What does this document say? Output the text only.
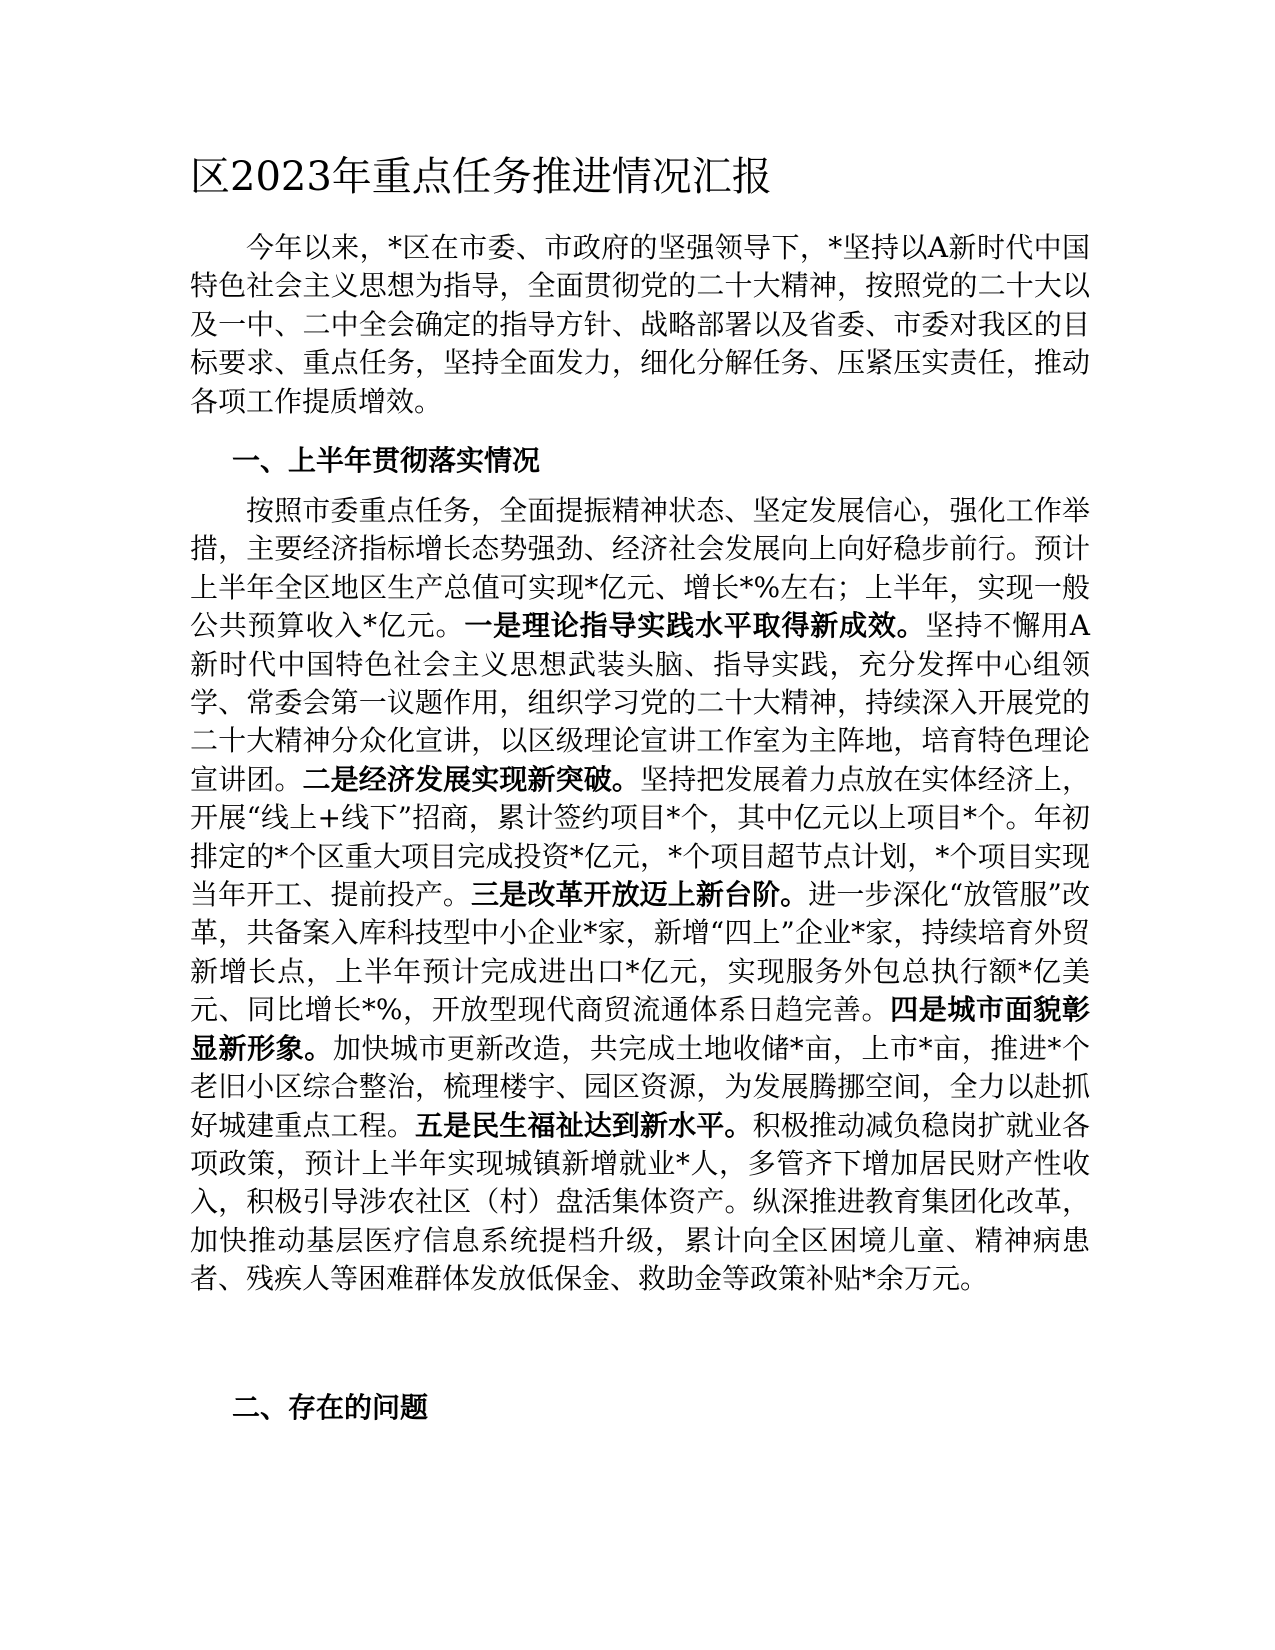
区2023年重点任务推进情况汇报

今年以来，*区在市委、市政府的坚强领导下，*坚持以A新时代中国特色社会主义思想为指导，全面贯彻党的二十大精神，按照党的二十大以及一中、二中全会确定的指导方针、战略部署以及省委、市委对我区的目标要求、重点任务，坚持全面发力，细化分解任务、压紧压实责任，推动各项工作提质增效。

一、上半年贯彻落实情况

按照市委重点任务，全面提振精神状态、坚定发展信心，强化工作举措，主要经济指标增长态势强劲、经济社会发展向上向好稳步前行。预计上半年全区地区生产总值可实现*亿元、增长*%左右；上半年，实现一般公共预算收入*亿元。一是理论指导实践水平取得新成效。坚持不懈用A新时代中国特色社会主义思想武装头脑、指导实践，充分发挥中心组领学、常委会第一议题作用，组织学习党的二十大精神，持续深入开展党的二十大精神分众化宣讲，以区级理论宣讲工作室为主阵地，培育特色理论宣讲团。二是经济发展实现新突破。坚持把发展着力点放在实体经济上，开展“线上+线下”招商，累计签约项目*个，其中亿元以上项目*个。年初排定的*个区重大项目完成投资*亿元，*个项目超节点计划，*个项目实现当年开工、提前投产。三是改革开放迈上新台阶。进一步深化“放管服”改革，共备案入库科技型中小企业*家，新增“四上”企业*家，持续培育外贸新增长点，上半年预计完成进出口*亿元，实现服务外包总执行额*亿美元、同比增长*%，开放型现代商贸流通体系日趋完善。四是城市面貌彰显新形象。加快城市更新改造，共完成土地收储*亩，上市*亩，推进*个老旧小区综合整治，梳理楼宇、园区资源，为发展腾挪空间，全力以赴抓好城建重点工程。五是民生福祉达到新水平。积极推动减负稳岗扩就业各项政策，预计上半年实现城镇新增就业*人，多管齐下增加居民财产性收入，积极引导涉农社区（村）盘活集体资产。纵深推进教育集团化改革，加快推动基层医疗信息系统提档升级，累计向全区困境儿童、精神病患者、残疾人等困难群体发放低保金、救助金等政策补贴*余万元。

二、存在的问题
